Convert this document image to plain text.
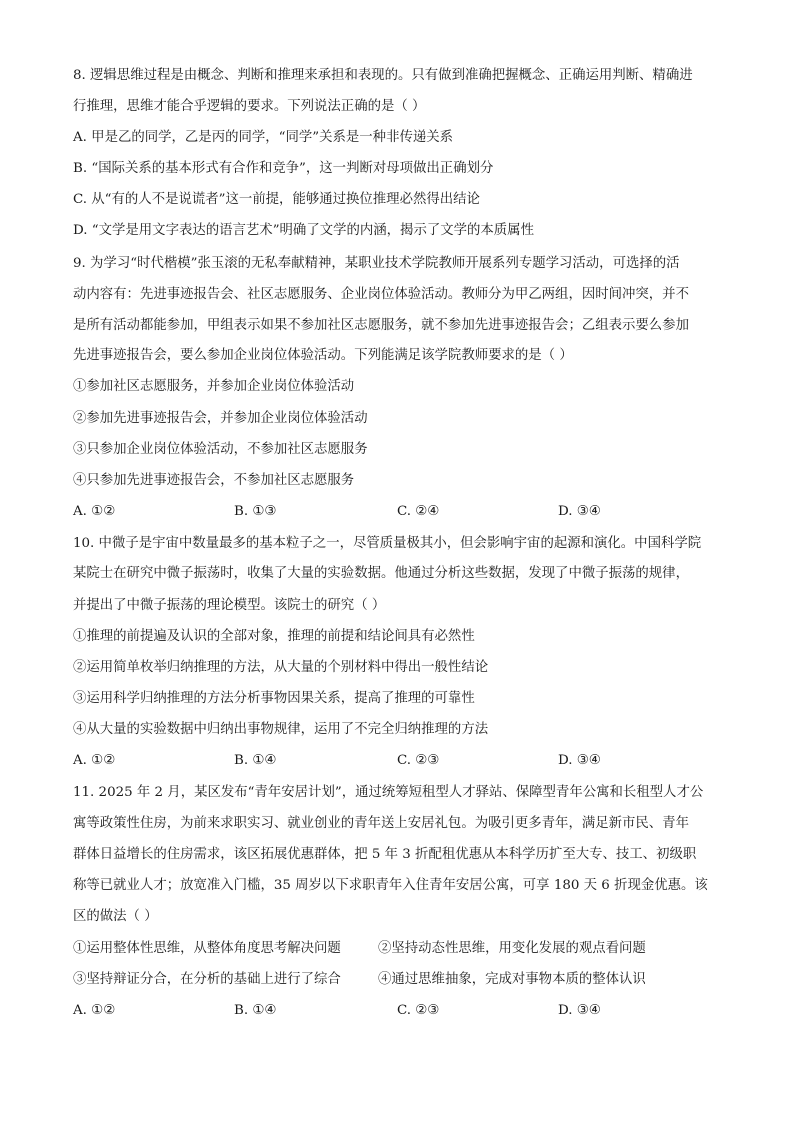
8. 逻辑思维过程是由概念、判断和推理来承担和表现的。只有做到准确把握概念、正确运用判断、精确进
行推理，思维才能合乎逻辑的要求。下列说法正确的是（ ）
A. 甲是乙的同学，乙是丙的同学，“同学”关系是一种非传递关系
B. “国际关系的基本形式有合作和竞争”，这一判断对母项做出正确划分
C. 从“有的人不是说谎者”这一前提，能够通过换位推理必然得出结论
D. “文学是用文字表达的语言艺术”明确了文学的内涵，揭示了文学的本质属性
9. 为学习“时代楷模”张玉滚的无私奉献精神，某职业技术学院教师开展系列专题学习活动，可选择的活
动内容有：先进事迹报告会、社区志愿服务、企业岗位体验活动。教师分为甲乙两组，因时间冲突，并不
是所有活动都能参加，甲组表示如果不参加社区志愿服务，就不参加先进事迹报告会；乙组表示要么参加
先进事迹报告会，要么参加企业岗位体验活动。下列能满足该学院教师要求的是（ ）
①参加社区志愿服务，并参加企业岗位体验活动
②参加先进事迹报告会，并参加企业岗位体验活动
③只参加企业岗位体验活动，不参加社区志愿服务
④只参加先进事迹报告会，不参加社区志愿服务
A. ①②	B. ①③	C. ②④	D. ③④
10. 中微子是宇宙中数量最多的基本粒子之一，尽管质量极其小，但会影响宇宙的起源和演化。中国科学院
某院士在研究中微子振荡时，收集了大量的实验数据。他通过分析这些数据，发现了中微子振荡的规律，
并提出了中微子振荡的理论模型。该院士的研究（ ）
①推理的前提遍及认识的全部对象，推理的前提和结论间具有必然性
②运用简单枚举归纳推理的方法，从大量的个别材料中得出一般性结论
③运用科学归纳推理的方法分析事物因果关系，提高了推理的可靠性
④从大量的实验数据中归纳出事物规律，运用了不完全归纳推理的方法
A. ①②	B. ①④	C. ②③	D. ③④
11. 2025 年 2 月，某区发布“青年安居计划”，通过统筹短租型人才驿站、保障型青年公寓和长租型人才公
寓等政策性住房，为前来求职实习、就业创业的青年送上安居礼包。为吸引更多青年，满足新市民、青年
群体日益增长的住房需求，该区拓展优惠群体，把 5 年 3 折配租优惠从本科学历扩至大专、技工、初级职
称等已就业人才；放宽准入门槛，35 周岁以下求职青年入住青年安居公寓，可享 180 天 6 折现金优惠。该
区的做法（ ）
①运用整体性思维，从整体角度思考解决问题	②坚持动态性思维，用变化发展的观点看问题
③坚持辩证分合，在分析的基础上进行了综合	④通过思维抽象，完成对事物本质的整体认识
A. ①②	B. ①④	C. ②③	D. ③④
